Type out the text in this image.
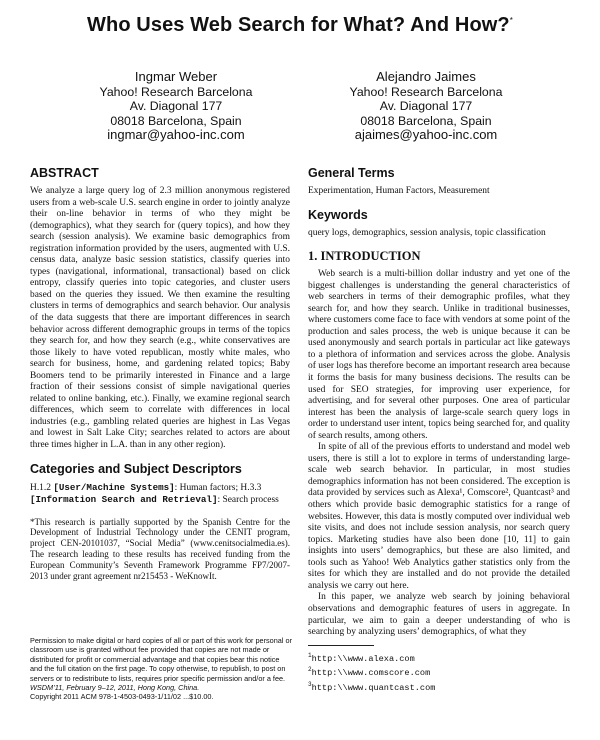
Who Uses Web Search for What? And How?*
Ingmar Weber
Yahoo! Research Barcelona
Av. Diagonal 177
08018 Barcelona, Spain
ingmar@yahoo-inc.com
Alejandro Jaimes
Yahoo! Research Barcelona
Av. Diagonal 177
08018 Barcelona, Spain
ajaimes@yahoo-inc.com
ABSTRACT

We analyze a large query log of 2.3 million anonymous registered users from a web-scale U.S. search engine in order to jointly analyze their on-line behavior in terms of who they might be (demographics), what they search for (query topics), and how they search (session analysis). We examine basic demographics from registration information provided by the users, augmented with U.S. census data, analyze basic session statistics, classify queries into types (navigational, informational, transactional) based on click entropy, classify queries into topic categories, and cluster users based on the queries they issued. We then examine the resulting clusters in terms of demographics and search behavior. Our analysis of the data suggests that there are important differences in search behavior across different demographic groups in terms of the topics they search for, and how they search (e.g., white conservatives are those likely to have voted republican, mostly white males, who search for business, home, and gardening related topics; Baby Boomers tend to be primarily interested in Finance and a large fraction of their sessions consist of simple navigational queries related to online banking, etc.). Finally, we examine regional search differences, which seem to correlate with differences in local industries (e.g., gambling related queries are highest in Las Vegas and lowest in Salt Lake City; searches related to actors are about three times higher in L.A. than in any other region).

Categories and Subject Descriptors

H.1.2 [User/Machine Systems]: Human factors; H.3.3
[Information Search and Retrieval]: Search process

*This research is partially supported by the Spanish Centre for the Development of Industrial Technology under the CENIT program, project CEN-20101037, “Social Media” (www.cenitsocialmedia.es). The research leading to these results has received funding from the European Community’s Seventh Framework Programme FP7/2007-2013 under grant agreement nr215453 - WeKnowIt.

Permission to make digital or hard copies of all or part of this work for personal or classroom use is granted without fee provided that copies are not made or distributed for profit or commercial advantage and that copies bear this notice and the full citation on the first page. To copy otherwise, to republish, to post on servers or to redistribute to lists, requires prior specific permission and/or a fee.
WSDM’11, February 9–12, 2011, Hong Kong, China.
Copyright 2011 ACM 978-1-4503-0493-1/11/02 ...$10.00.
General Terms

Experimentation, Human Factors, Measurement

Keywords

query logs, demographics, session analysis, topic classification

1. INTRODUCTION

Web search is a multi-billion dollar industry and yet one of the biggest challenges is understanding the general characteristics of web searchers in terms of their demographic profiles, what they search for, and how they search. Unlike in traditional businesses, where customers come face to face with vendors at some point of the production and sales process, the web is unique because it can be used anonymously and search portals in particular act like gateways to a plethora of information and services across the globe. Analysis of user logs has therefore become an important research area because it forms the basis for many business decisions. The results can be used for SEO strategies, for improving user experience, for advertising, and for several other purposes. One area of particular interest has been the analysis of large-scale search query logs in order to understand user intent, topics being searched for, and quality of search results, among others.

In spite of all of the previous efforts to understand and model web users, there is still a lot to explore in terms of understanding large-scale web search behavior. In particular, in most studies demographics information has not been considered. The exception is data provided by services such as Alexa¹, Comscore², Quantcast³ and others which provide basic demographic statistics for a range of websites. However, this data is mostly computed over individual web site visits, and does not include session analysis, nor search query topics. Marketing studies have also been done [10, 11] to gain insights into users’ demographics, but these are also limited, and tools such as Yahoo! Web Analytics gather statistics only from the sites for which they are installed and do not provide the detailed analysis we carry out here.

In this paper, we analyze web search by joining behavioral observations and demographic features of users in aggregate. In particular, we aim to gain a deeper understanding of who is searching by analyzing users’ demographics, of what they

$^1$http:\\www.alexa.com
$^2$http:\\www.comscore.com
$^3$http:\\www.quantcast.com
